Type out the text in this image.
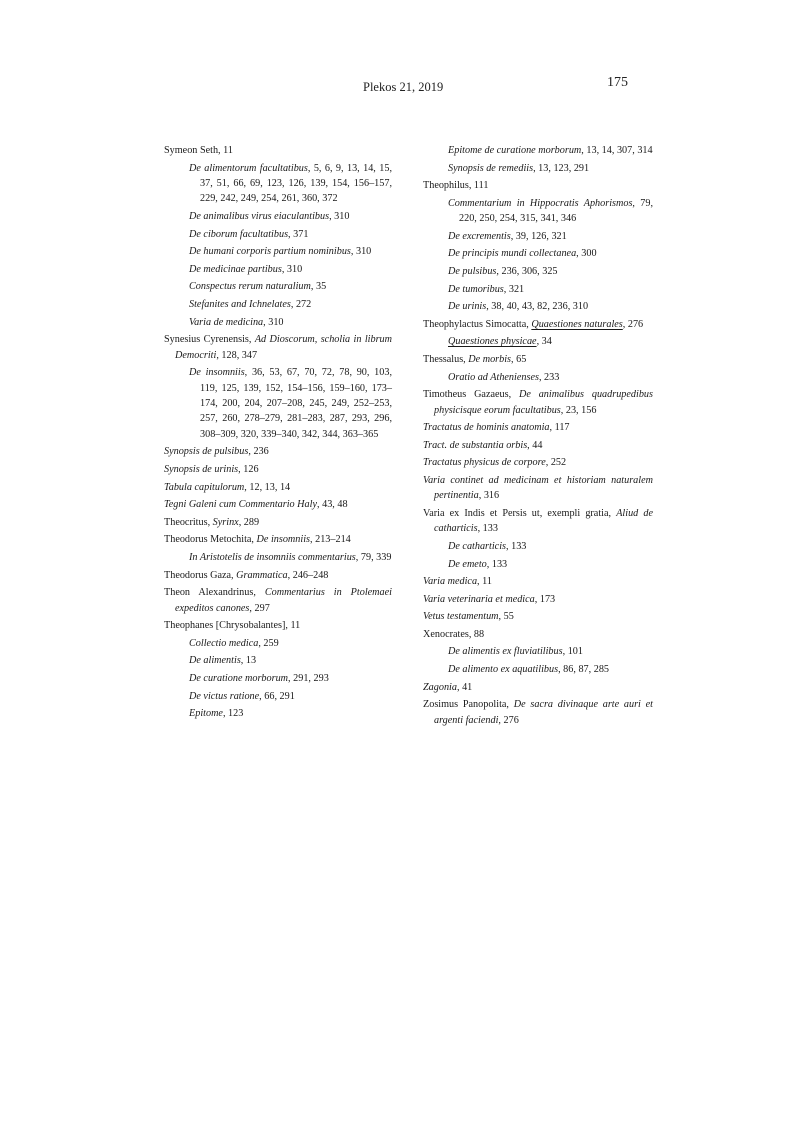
Plekos 21, 2019	175

Symeon Seth, 11

De alimentorum facultatibus, 5, 6, 9, 13, 14, 15, 37, 51, 66, 69, 123, 126, 139, 154, 156–157, 229, 242, 249, 254, 261, 360, 372

De animalibus virus eiaculantibus, 310

De ciborum facultatibus, 371

De humani corporis partium nominibus, 310

De medicinae partibus, 310

Conspectus rerum naturalium, 35

Stefanites and Ichnelates, 272

Varia de medicina, 310

Synesius Cyrenensis, Ad Dioscorum, scholia in librum Democriti, 128, 347

De insomniis, 36, 53, 67, 70, 72, 78, 90, 103, 119, 125, 139, 152, 154–156, 159–160, 173–174, 200, 204, 207–208, 245, 249, 252–253, 257, 260, 278–279, 281–283, 287, 293, 296, 308–309, 320, 339–340, 342, 344, 363–365

Synopsis de pulsibus, 236

Synopsis de urinis, 126

Tabula capitulorum, 12, 13, 14

Tegni Galeni cum Commentario Haly, 43, 48

Theocritus, Syrinx, 289

Theodorus Metochita, De insomniis, 213–214

In Aristotelis de insomniis commentarius, 79, 339

Theodorus Gaza, Grammatica, 246–248

Theon Alexandrinus, Commentarius in Ptolemaei expeditos canones, 297

Theophanes [Chrysobalantes], 11

Collectio medica, 259

De alimentis, 13

De curatione morborum, 291, 293

De victus ratione, 66, 291

Epitome, 123

Epitome de curatione morborum, 13, 14, 307, 314

Synopsis de remediis, 13, 123, 291

Theophilus, 111

Commentarium in Hippocratis Aphorismos, 79, 220, 250, 254, 315, 341, 346

De excrementis, 39, 126, 321

De principis mundi collectanea, 300

De pulsibus, 236, 306, 325

De tumoribus, 321

De urinis, 38, 40, 43, 82, 236, 310

Theophylactus Simocatta, Quaestiones naturales, 276

Quaestiones physicae, 34

Thessalus, De morbis, 65

Oratio ad Athenienses, 233

Timotheus Gazaeus, De animalibus quadrupedibus physicisque eorum facultatibus, 23, 156

Tractatus de hominis anatomia, 117

Tract. de substantia orbis, 44

Tractatus physicus de corpore, 252

Varia continet ad medicinam et historiam naturalem pertinentia, 316

Varia ex Indis et Persis ut, exempli gratia, Aliud de catharticis, 133

De catharticis, 133

De emeto, 133

Varia medica, 11

Varia veterinaria et medica, 173

Vetus testamentum, 55

Xenocrates, 88

De alimentis ex fluviatilibus, 101

De alimento ex aquatilibus, 86, 87, 285

Zagonia, 41

Zosimus Panopolita, De sacra divinaque arte auri et argenti faciendi, 276
